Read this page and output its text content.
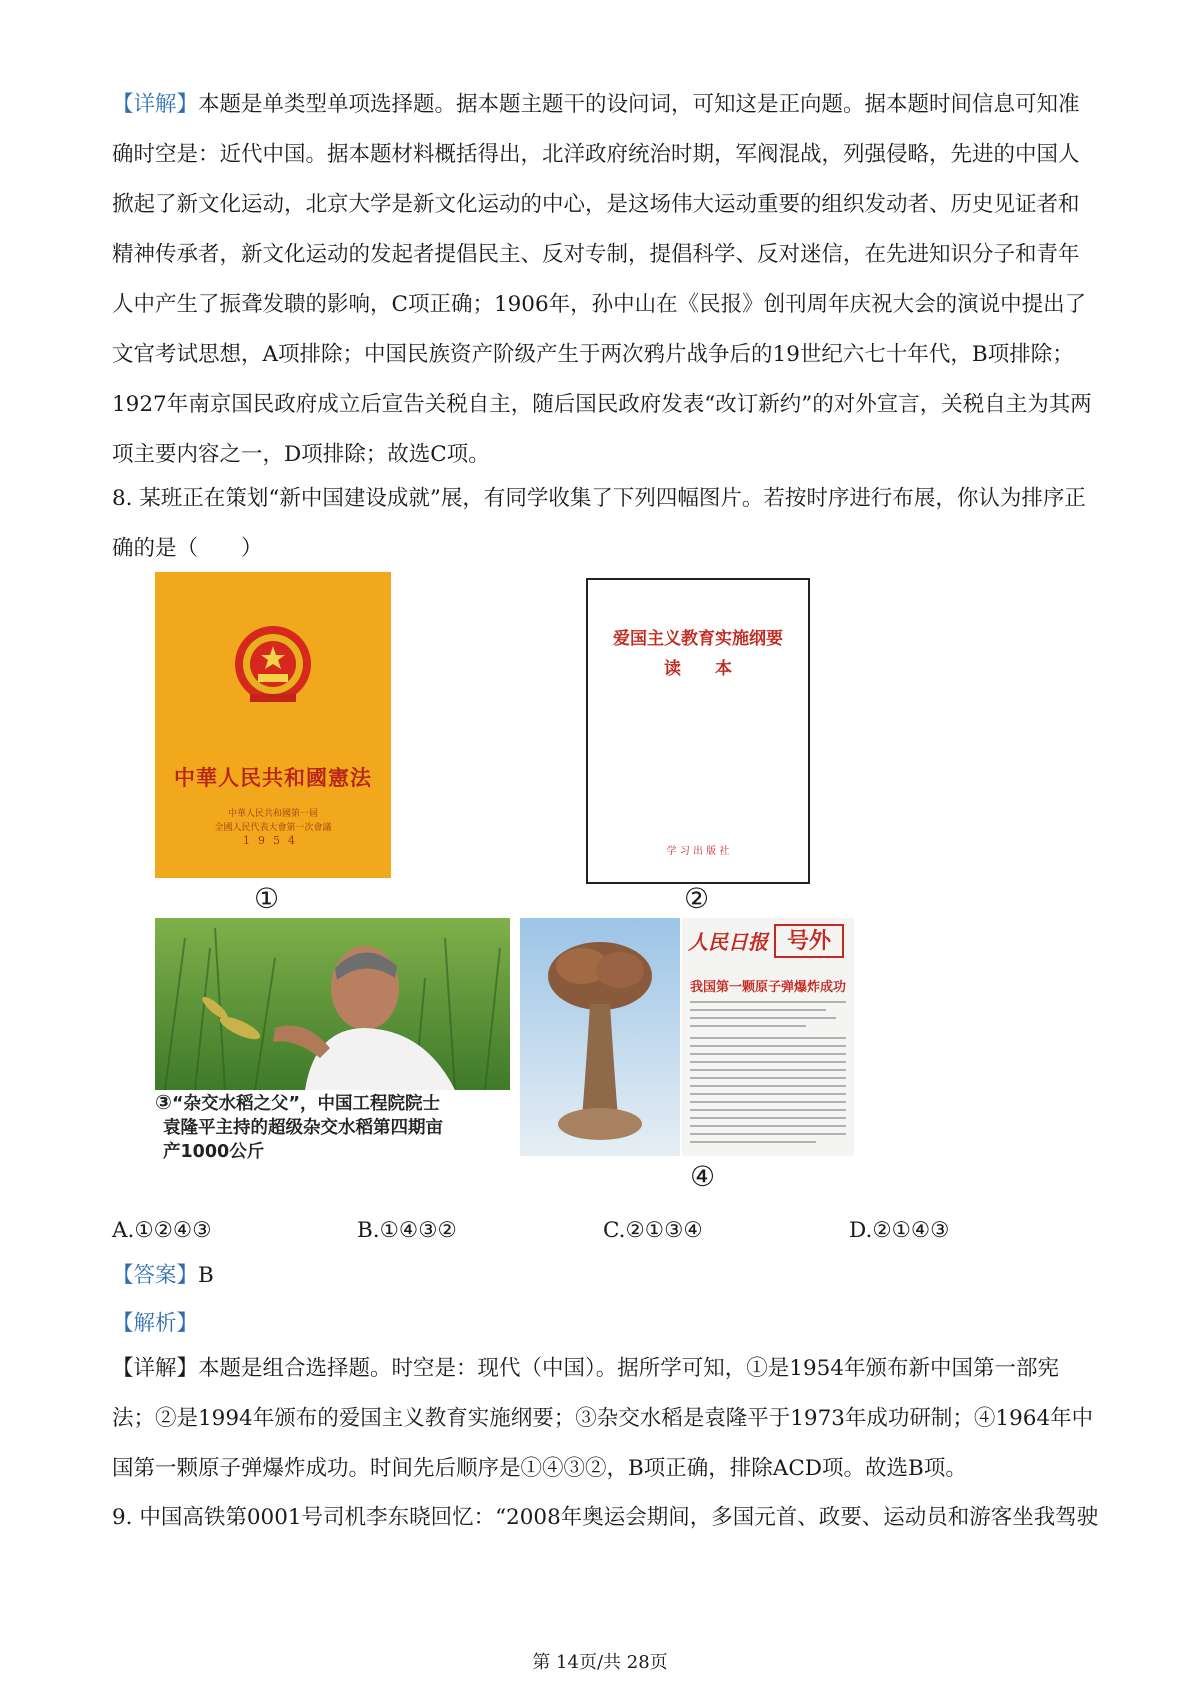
【详解】本题是单类型单项选择题。据本题主题干的设问词，可知这是正向题。据本题时间信息可知准确时空是：近代中国。据本题材料概括得出，北洋政府统治时期，军阀混战，列强侵略，先进的中国人掀起了新文化运动，北京大学是新文化运动的中心，是这场伟大运动重要的组织发动者、历史见证者和精神传承者，新文化运动的发起者提倡民主、反对专制，提倡科学、反对迷信，在先进知识分子和青年人中产生了振聋发聩的影响，C项正确；1906年，孙中山在《民报》创刊周年庆祝大会的演说中提出了文官考试思想，A项排除；中国民族资产阶级产生于两次鸦片战争后的19世纪六七十年代，B项排除；1927年南京国民政府成立后宣告关税自主，随后国民政府发表“改订新约”的对外宣言，关税自主为其两项主要内容之一，D项排除；故选C项。
8. 某班正在策划“新中国建设成就”展，有同学收集了下列四幅图片。若按时序进行布展，你认为排序正确的是（　　）
中華人民共和國憲法
中華人民共和國第一屆
全國人民代表大會第一次會議
1954
①
爱国主义教育实施纲要
读　　本
学 习 出 版 社
②
③“杂交水稻之父”，中国工程院院士
袁隆平主持的超级杂交水稻第四期亩
产1000公斤
人民日报 号外
我国第一颗原子弹爆炸成功
④
A.①②④③	B.①④③②	C.②①③④	D.②①④③
【答案】B
【解析】
【详解】本题是组合选择题。时空是：现代（中国）。据所学可知，①是1954年颁布新中国第一部宪法；②是1994年颁布的爱国主义教育实施纲要；③杂交水稻是袁隆平于1973年成功研制；④1964年中国第一颗原子弹爆炸成功。时间先后顺序是①④③②，B项正确，排除ACD项。故选B项。
9. 中国高铁第0001号司机李东晓回忆：“2008年奥运会期间，多国元首、政要、运动员和游客坐我驾驶
第 14页/共 28页
